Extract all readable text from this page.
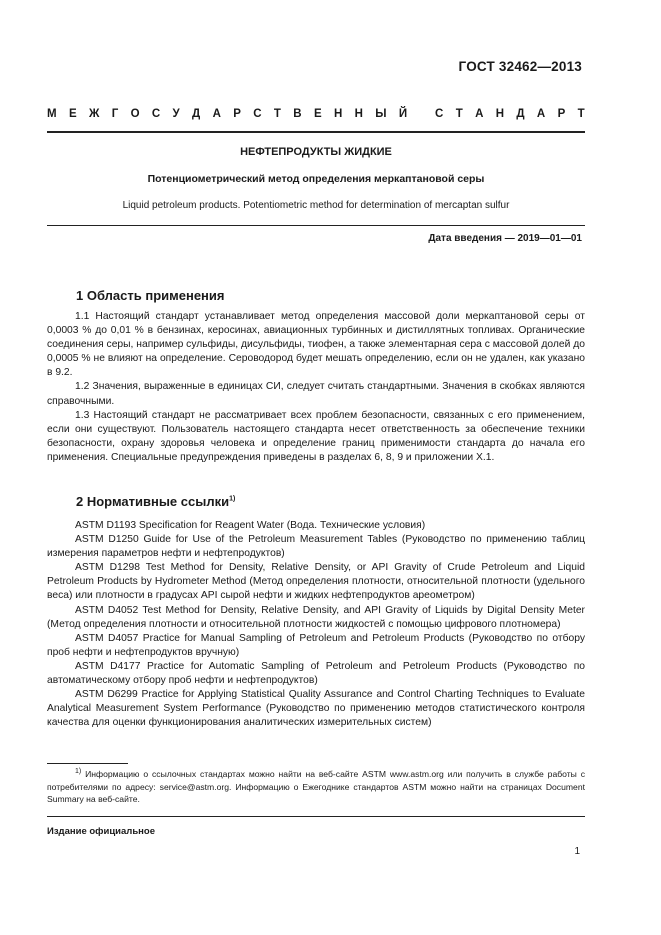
ГОСТ 32462—2013
М Е Ж Г О С У Д А Р С Т В Е Н Н Ы Й
С Т А Н Д А Р Т
НЕФТЕПРОДУКТЫ ЖИДКИЕ
Потенциометрический метод определения меркаптановой серы
Liquid petroleum products. Potentiometric method for determination of mercaptan sulfur
Дата введения — 2019—01—01
1 Область применения

1.1 Настоящий стандарт устанавливает метод определения массовой доли меркаптановой серы от 0,0003 % до 0,01 % в бензинах, керосинах, авиационных турбинных и дистиллятных топливах. Органические соединения серы, например сульфиды, дисульфиды, тиофен, а также элементарная сера с массовой долей до 0,0005 % не влияют на определение. Сероводород будет мешать определению, если он не удален, как указано в 9.2.

1.2 Значения, выраженные в единицах СИ, следует считать стандартными. Значения в скобках являются справочными.

1.3 Настоящий стандарт не рассматривает всех проблем безопасности, связанных с его применением, если они существуют. Пользователь настоящего стандарта несет ответственность за обеспечение техники безопасности, охрану здоровья человека и определение границ применимости стандарта до начала его применения. Специальные предупреждения приведены в разделах 6, 8, 9 и приложении Х.1.

2 Нормативные ссылки$^{1)}$

ASTM D1193 Specification for Reagent Water (Вода. Технические условия)

ASTM D1250 Guide for Use of the Petroleum Measurement Tables (Руководство по применению таблиц измерения параметров нефти и нефтепродуктов)

ASTM D1298 Test Method for Density, Relative Density, or API Gravity of Crude Petroleum and Liquid Petroleum Products by Hydrometer Method (Метод определения плотности, относительной плотности (удельного веса) или плотности в градусах API сырой нефти и жидких нефтепродуктов ареометром)

ASTM D4052 Test Method for Density, Relative Density, and API Gravity of Liquids by Digital Density Meter (Метод определения плотности и относительной плотности жидкостей с помощью цифрового плотномера)

ASTM D4057 Practice for Manual Sampling of Petroleum and Petroleum Products (Руководство по отбору проб нефти и нефтепродуктов вручную)

ASTM D4177 Practice for Automatic Sampling of Petroleum and Petroleum Products (Руководство по автоматическому отбору проб нефти и нефтепродуктов)

ASTM D6299 Practice for Applying Statistical Quality Assurance and Control Charting Techniques to Evaluate Analytical Measurement System Performance (Руководство по применению методов статистического контроля качества для оценки функционирования аналитических измерительных систем)

$^{1)}$ Информацию о ссылочных стандартах можно найти на веб-сайте ASTM www.astm.org или получить в службе работы с потребителями по адресу: service@astm.org. Информацию о Ежегоднике стандартов ASTM можно найти на страницах Document Summary на веб-сайте.

Издание официальное
1
